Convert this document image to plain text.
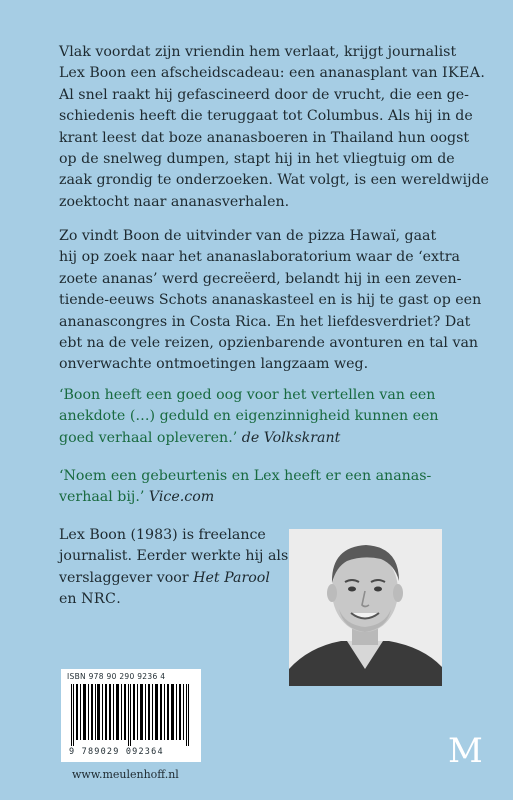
Vlak voordat zijn vriendin hem verlaat, krijgt journalist
Lex Boon een afscheidscadeau: een ananasplant van IKEA.
Al snel raakt hij gefascineerd door de vrucht, die een ge-
schiedenis heeft die teruggaat tot Columbus. Als hij in de
krant leest dat boze ananasboeren in Thailand hun oogst
op de snelweg dumpen, stapt hij in het vliegtuig om de
zaak grondig te onderzoeken. Wat volgt, is een wereldwijde
zoektocht naar ananasverhalen.

Zo vindt Boon de uitvinder van de pizza Hawaï, gaat
hij op zoek naar het ananaslaboratorium waar de ‘extra
zoete ananas’ werd gecreëerd, belandt hij in een zeven-
tiende-eeuws Schots ananaskasteel en is hij te gast op een
ananascongres in Costa Rica. En het liefdesverdriet? Dat
ebt na de vele reizen, opzienbarende avonturen en tal van
onverwachte ontmoetingen langzaam weg.

‘Boon heeft een goed oog voor het vertellen van een
anekdote (…) geduld en eigenzinnigheid kunnen een
goed verhaal opleveren.’ de Volkskrant

‘Noem een gebeurtenis en Lex heeft er een ananas-
verhaal bij.’ Vice.com

Lex Boon (1983) is freelance
journalist. Eerder werkte hij als
verslaggever voor Het Parool
en NRC.

ISBN 978 90 290 9236 4
9 789029 092364
www.meulenhoff.nl
M
